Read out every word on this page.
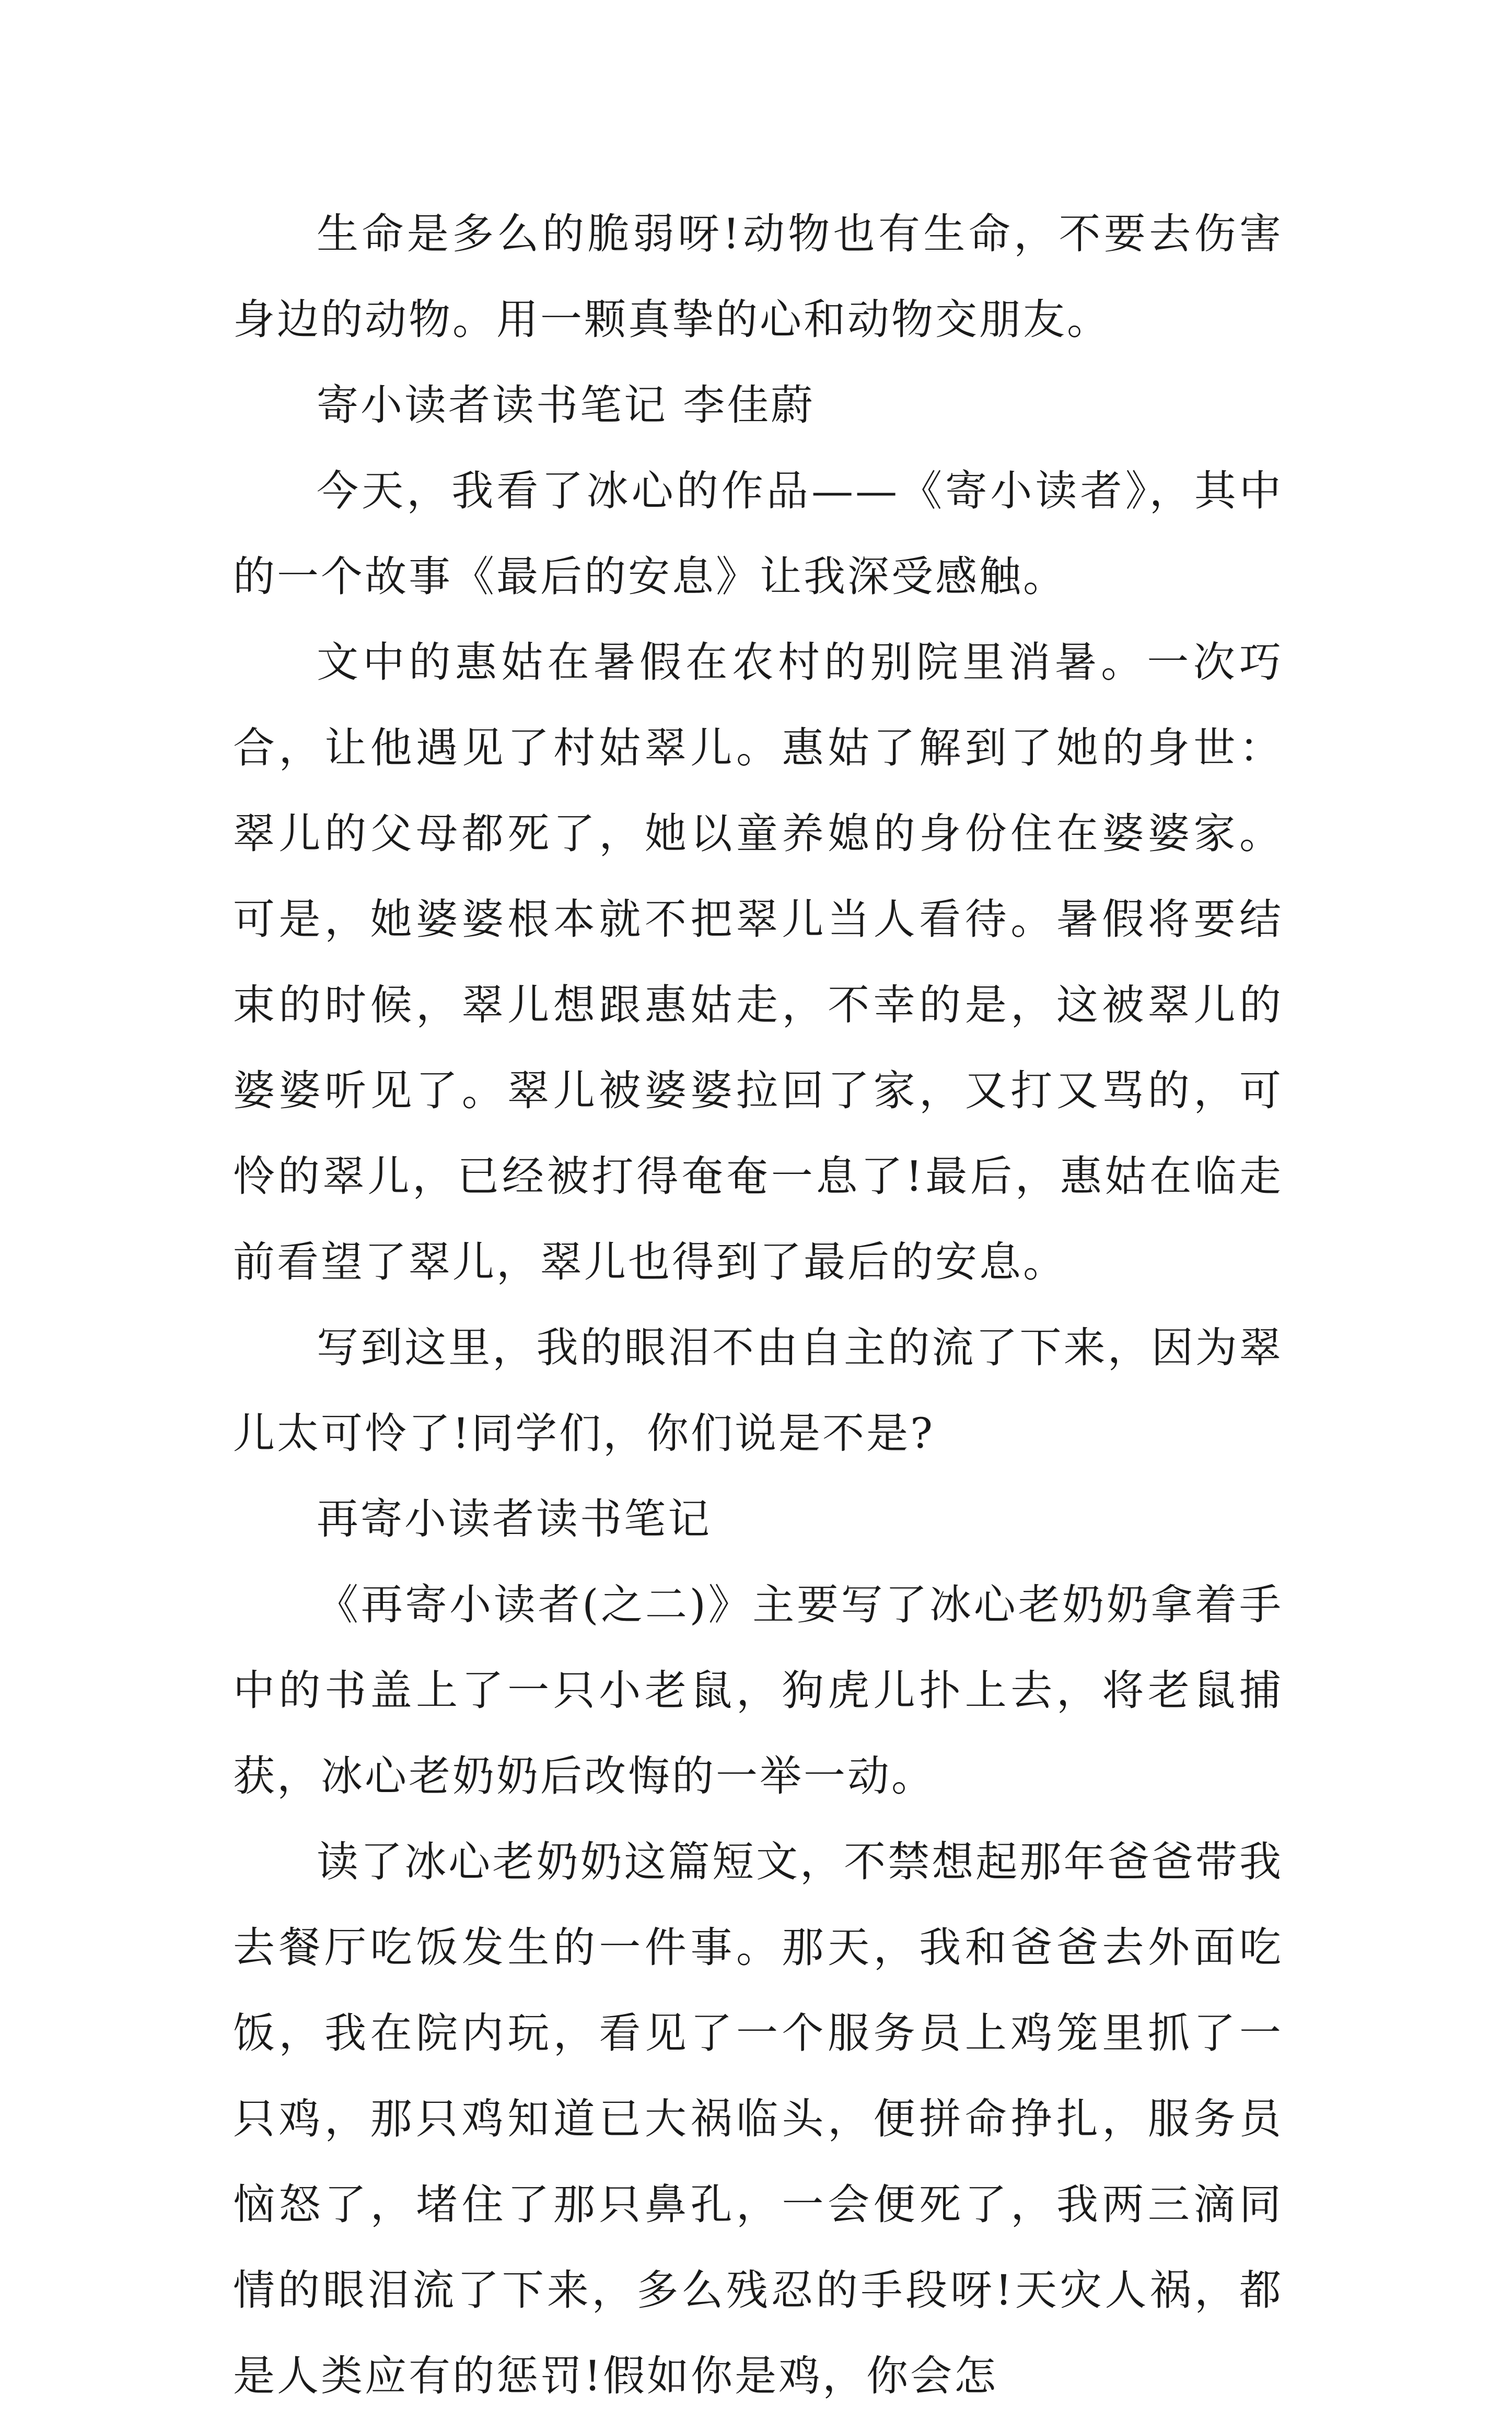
生命是多么的脆弱呀!动物也有生命，不要去伤害身边的动物。用一颗真挚的心和动物交朋友。

寄小读者读书笔记 李佳蔚

今天，我看了冰心的作品——《寄小读者》，其中的一个故事《最后的安息》让我深受感触。

文中的惠姑在暑假在农村的别院里消暑。一次巧合，让他遇见了村姑翠儿。惠姑了解到了她的身世：翠儿的父母都死了，她以童养媳的身份住在婆婆家。可是，她婆婆根本就不把翠儿当人看待。暑假将要结束的时候，翠儿想跟惠姑走，不幸的是，这被翠儿的婆婆听见了。翠儿被婆婆拉回了家，又打又骂的，可怜的翠儿，已经被打得奄奄一息了!最后，惠姑在临走前看望了翠儿，翠儿也得到了最后的安息。

写到这里，我的眼泪不由自主的流了下来，因为翠儿太可怜了!同学们，你们说是不是?

再寄小读者读书笔记

《再寄小读者(之二)》主要写了冰心老奶奶拿着手中的书盖上了一只小老鼠，狗虎儿扑上去，将老鼠捕获，冰心老奶奶后改悔的一举一动。

读了冰心老奶奶这篇短文，不禁想起那年爸爸带我去餐厅吃饭发生的一件事。那天，我和爸爸去外面吃饭，我在院内玩，看见了一个服务员上鸡笼里抓了一只鸡，那只鸡知道已大祸临头，便拼命挣扎，服务员恼怒了，堵住了那只鼻孔，一会便死了，我两三滴同情的眼泪流了下来，多么残忍的手段呀!天灾人祸，都是人类应有的惩罚!假如你是鸡，你会怎
